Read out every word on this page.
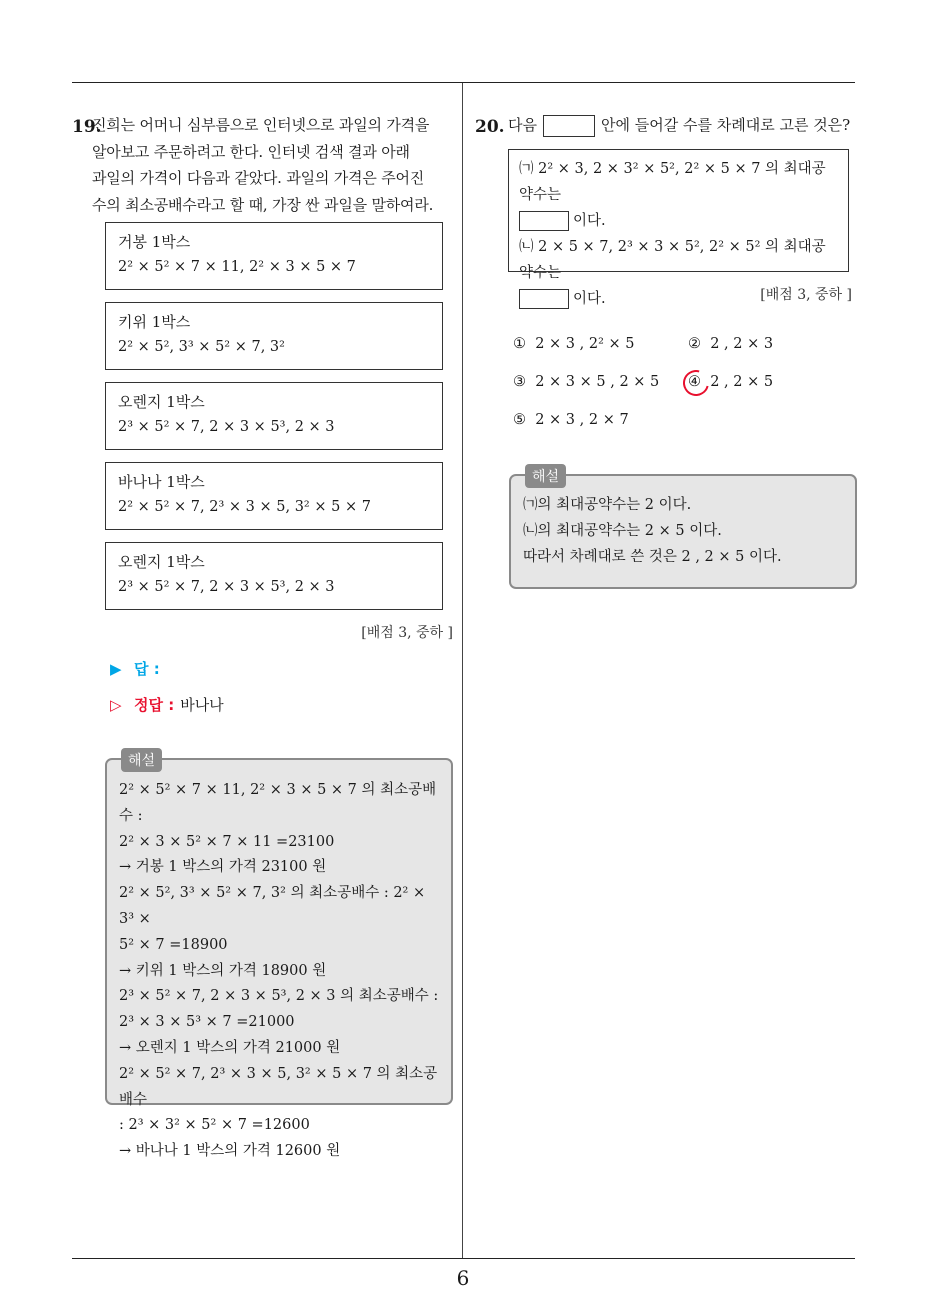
19.
진희는 어머니 심부름으로 인터넷으로 과일의 가격을
알아보고 주문하려고 한다. 인터넷 검색 결과 아래
과일의 가격이 다음과 같았다. 과일의 가격은 주어진
수의 최소공배수라고 할 때, 가장 싼 과일을 말하여라.
거봉 1박스
2² × 5² × 7 × 11, 2² × 3 × 5 × 7
키위 1박스
2² × 5², 3³ × 5² × 7, 3²
오렌지 1박스
2³ × 5² × 7, 2 × 3 × 5³, 2 × 3
바나나 1박스
2² × 5² × 7, 2³ × 3 × 5, 3² × 5 × 7
오렌지 1박스
2³ × 5² × 7, 2 × 3 × 5³, 2 × 3
[배점 3, 중하 ]
▶ 답 :
▷ 정답 : 바나나
해설
2² × 5² × 7 × 11, 2² × 3 × 5 × 7 의 최소공배수 :
2² × 3 × 5² × 7 × 11 =23100
→ 거봉 1 박스의 가격 23100 원
2² × 5², 3³ × 5² × 7, 3² 의 최소공배수 : 2² × 3³ ×
5² × 7 =18900
→ 키위 1 박스의 가격 18900 원
2³ × 5² × 7, 2 × 3 × 5³, 2 × 3 의 최소공배수 :
2³ × 3 × 5³ × 7 =21000
→ 오렌지 1 박스의 가격 21000 원
2² × 5² × 7, 2³ × 3 × 5, 3² × 5 × 7 의 최소공배수
: 2³ × 3² × 5² × 7 =12600
→ 바나나 1 박스의 가격 12600 원
20. 다음	안에 들어갈 수를 차례대로 고른 것은?
㈀ 2² × 3, 2 × 3² × 5², 2² × 5 × 7 의 최대공약수는
이다.
㈁ 2 × 5 × 7, 2³ × 3 × 5², 2² × 5² 의 최대공약수는
이다.	[배점 3, 중하 ]
① 2 × 3 , 2² × 5	② 2 , 2 × 3
③ 2 × 3 × 5 , 2 × 5 ④ 2 , 2 × 5
⑤ 2 × 3 , 2 × 7
해설
㈀의 최대공약수는 2 이다.
㈁의 최대공약수는 2 × 5 이다.
따라서 차례대로 쓴 것은 2 , 2 × 5 이다.
6
